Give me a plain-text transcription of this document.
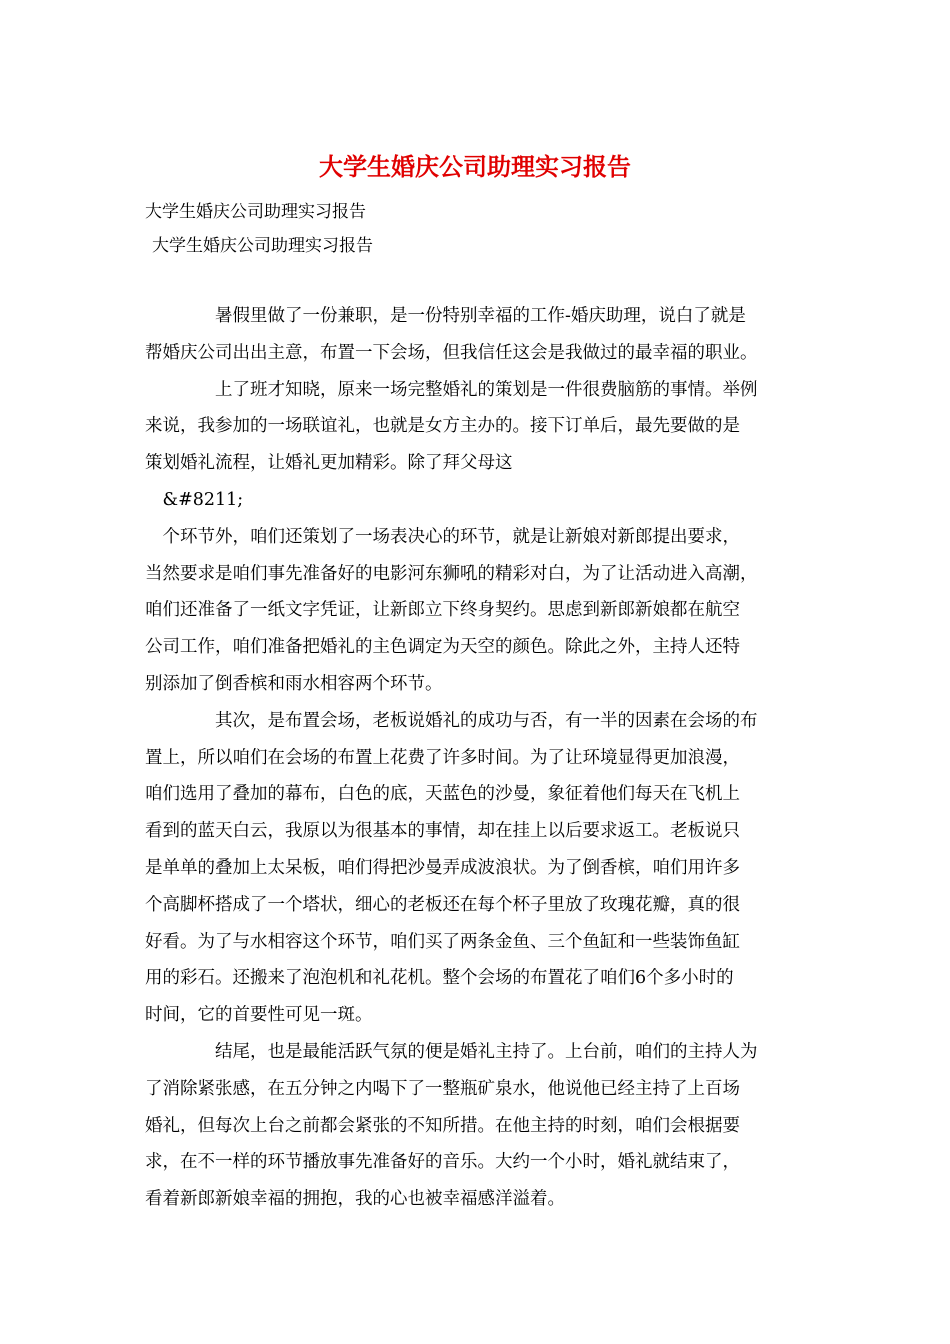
大学生婚庆公司助理实习报告
大学生婚庆公司助理实习报告
大学生婚庆公司助理实习报告
　　　　暑假里做了一份兼职，是一份特别幸福的工作-婚庆助理，说白了就是
帮婚庆公司出出主意，布置一下会场，但我信任这会是我做过的最幸福的职业。
　　　　上了班才知晓，原来一场完整婚礼的策划是一件很费脑筋的事情。举例
来说，我参加的一场联谊礼，也就是女方主办的。接下订单后，最先要做的是
策划婚礼流程，让婚礼更加精彩。除了拜父母这
　&#8211;
　个环节外，咱们还策划了一场表决心的环节，就是让新娘对新郎提出要求，
当然要求是咱们事先准备好的电影河东狮吼的精彩对白，为了让活动进入高潮，
咱们还准备了一纸文字凭证，让新郎立下终身契约。思虑到新郎新娘都在航空
公司工作，咱们准备把婚礼的主色调定为天空的颜色。除此之外，主持人还特
别添加了倒香槟和雨水相容两个环节。
　　　　其次，是布置会场，老板说婚礼的成功与否，有一半的因素在会场的布
置上，所以咱们在会场的布置上花费了许多时间。为了让环境显得更加浪漫，
咱们选用了叠加的幕布，白色的底，天蓝色的沙曼，象征着他们每天在飞机上
看到的蓝天白云，我原以为很基本的事情，却在挂上以后要求返工。老板说只
是单单的叠加上太呆板，咱们得把沙曼弄成波浪状。为了倒香槟，咱们用许多
个高脚杯搭成了一个塔状，细心的老板还在每个杯子里放了玫瑰花瓣，真的很
好看。为了与水相容这个环节，咱们买了两条金鱼、三个鱼缸和一些装饰鱼缸
用的彩石。还搬来了泡泡机和礼花机。整个会场的布置花了咱们6个多小时的
时间，它的首要性可见一斑。
　　　　结尾，也是最能活跃气氛的便是婚礼主持了。上台前，咱们的主持人为
了消除紧张感，在五分钟之内喝下了一整瓶矿泉水，他说他已经主持了上百场
婚礼，但每次上台之前都会紧张的不知所措。在他主持的时刻，咱们会根据要
求，在不一样的环节播放事先准备好的音乐。大约一个小时，婚礼就结束了，
看着新郎新娘幸福的拥抱，我的心也被幸福感洋溢着。
